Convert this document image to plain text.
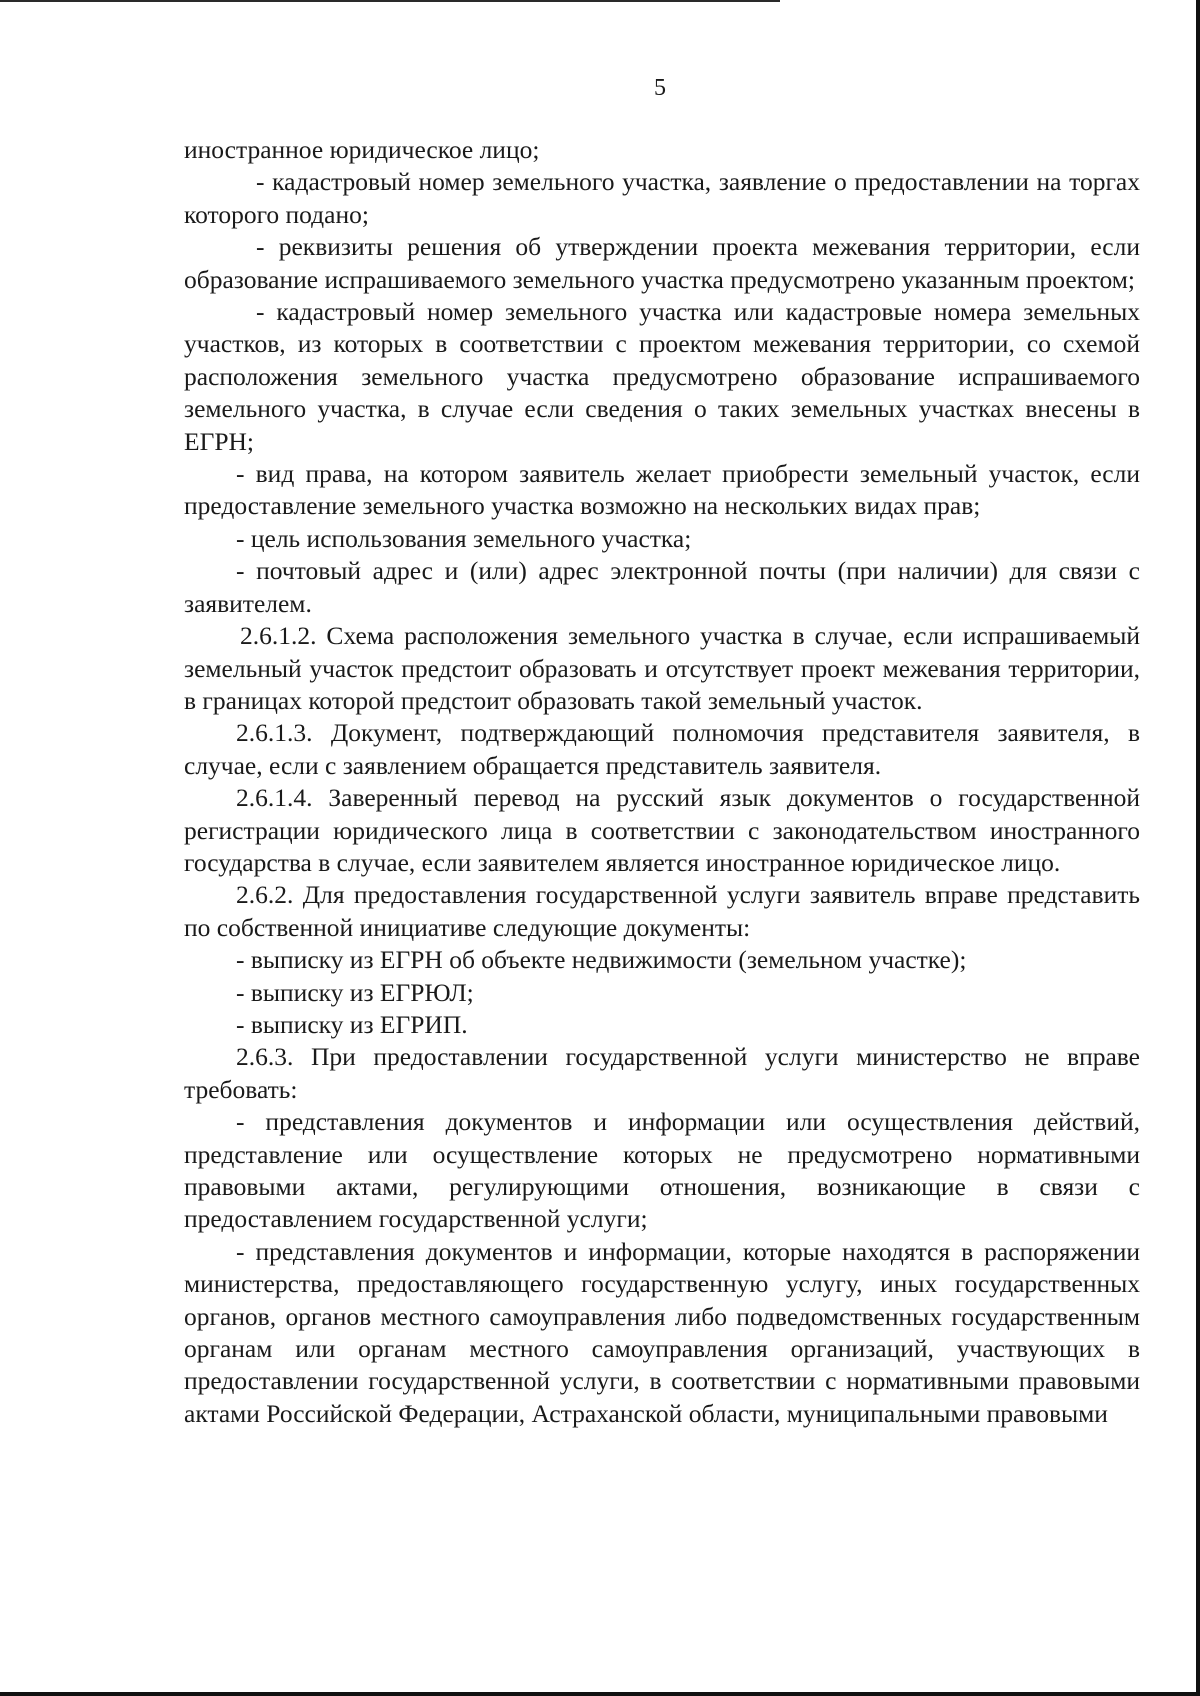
5

иностранное юридическое лицо;

- кадастровый номер земельного участка, заявление о предоставлении на торгах которого подано;

- реквизиты решения об утверждении проекта межевания территории, если образование испрашиваемого земельного участка предусмотрено указанным проектом;

- кадастровый номер земельного участка или кадастровые номера земельных участков, из которых в соответствии с проектом межевания территории, со схемой расположения земельного участка предусмотрено образование испрашиваемого земельного участка, в случае если сведения о таких земельных участках внесены в ЕГРН;

- вид права, на котором заявитель желает приобрести земельный участок, если предоставление земельного участка возможно на нескольких видах прав;

- цель использования земельного участка;

- почтовый адрес и (или) адрес электронной почты (при наличии) для связи с заявителем.

2.6.1.2. Схема расположения земельного участка в случае, если испрашиваемый земельный участок предстоит образовать и отсутствует проект межевания территории, в границах которой предстоит образовать такой земельный участок.

2.6.1.3. Документ, подтверждающий полномочия представителя заявителя, в случае, если с заявлением обращается представитель заявителя.

2.6.1.4. Заверенный перевод на русский язык документов о государственной регистрации юридического лица в соответствии с законодательством иностранного государства в случае, если заявителем является иностранное юридическое лицо.

2.6.2. Для предоставления государственной услуги заявитель вправе представить по собственной инициативе следующие документы:

- выписку из ЕГРН об объекте недвижимости (земельном участке);

- выписку из ЕГРЮЛ;

- выписку из ЕГРИП.

2.6.3. При предоставлении государственной услуги министерство не вправе требовать:

- представления документов и информации или осуществления действий, представление или осуществление которых не предусмотрено нормативными правовыми актами, регулирующими отношения, возникающие в связи с предоставлением государственной услуги;

- представления документов и информации, которые находятся в распоряжении министерства, предоставляющего государственную услугу, иных государственных органов, органов местного самоуправления либо подведомственных государственным органам или органам местного самоуправления организаций, участвующих в предоставлении государственной услуги, в соответствии с нормативными правовыми актами Российской Федерации, Астраханской области, муниципальными правовыми
